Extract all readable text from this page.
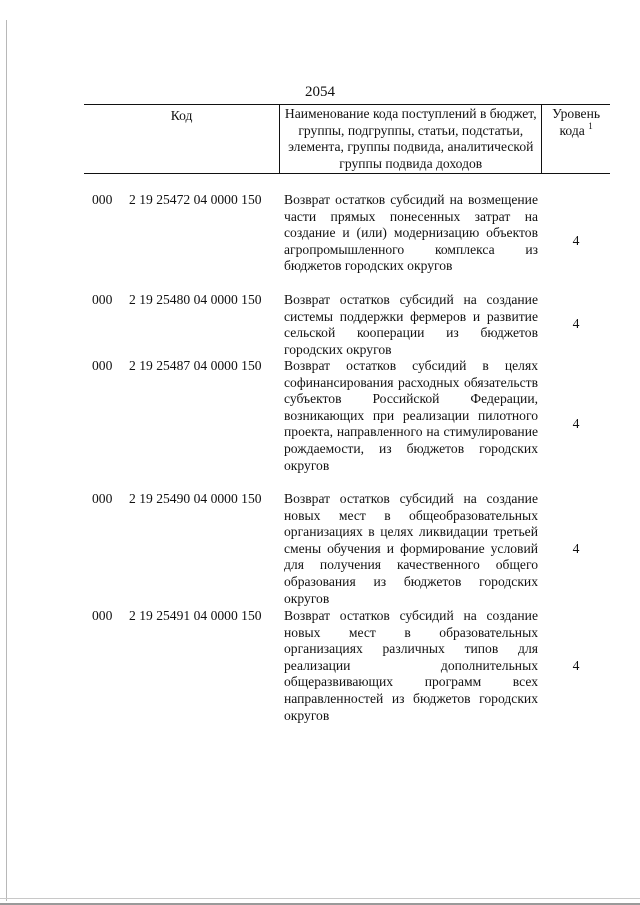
2054
Код	Наименование кода поступлений в бюджет, группы, подгруппы, статьи, подстатьи, элемента, группы подвида, аналитической группы подвида доходов
Уровень кода $^1$
000 2 19 25472 04 0000 150 Возврат остатков субсидий на возмещение части прямых понесенных затрат на создание и (или) модернизацию объектов агропромышленного комплекса из бюджетов городских округов
4
000 2 19 25480 04 0000 150 Возврат остатков субсидий на создание системы поддержки фермеров и развитие сельской кооперации из бюджетов городских округов
4
000 2 19 25487 04 0000 150 Возврат остатков субсидий в целях софинансирования расходных обязательств субъектов Российской Федерации, возникающих при реализации пилотного проекта, направленного на стимулирование рождаемости, из бюджетов городских округов
4
000 2 19 25490 04 0000 150 Возврат остатков субсидий на создание новых мест в общеобразовательных организациях в целях ликвидации третьей смены обучения и формирование условий для получения качественного общего образования из бюджетов городских округов
4
000 2 19 25491 04 0000 150 Возврат остатков субсидий на создание новых мест в образовательных организациях различных типов для реализации дополнительных общеразвивающих программ всех направленностей из бюджетов городских округов
4
